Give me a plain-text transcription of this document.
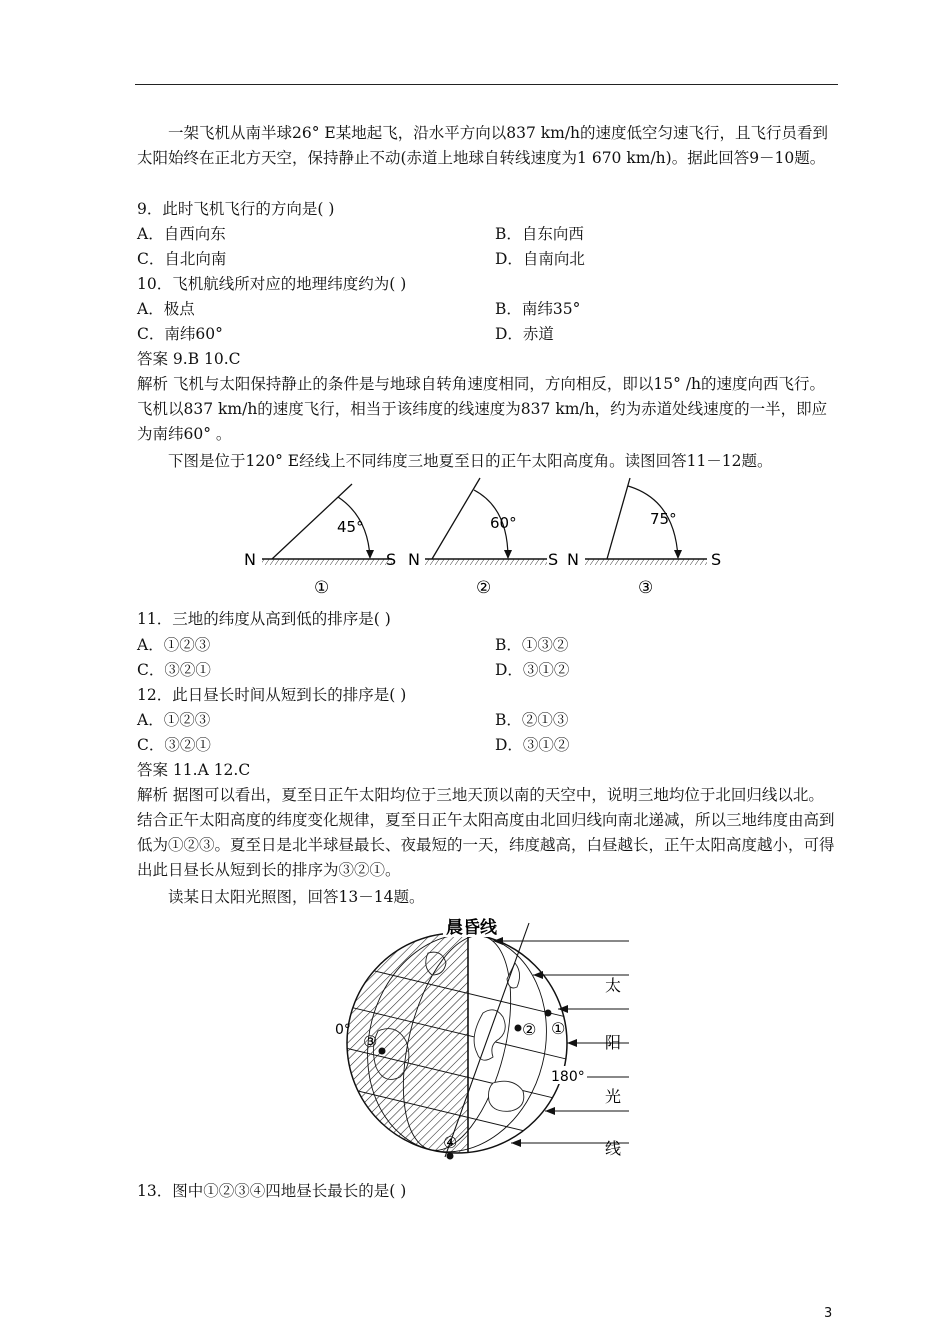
一架飞机从南半球26° E某地起飞，沿水平方向以837 km/h的速度低空匀速飞行，且飞行员看到太阳始终在正北方天空，保持静止不动(赤道上地球自转线速度为1 670 km/h)。据此回答9－10题。
9．此时飞机飞行的方向是( )
A．自西向东	B．自东向西
C．自北向南	D．自南向北
10．飞机航线所对应的地理纬度约为( )
A．极点	B．南纬35°
C．南纬60°	D．赤道
答案 9.B 10.C
解析 飞机与太阳保持静止的条件是与地球自转角速度相同，方向相反，即以15° /h的速度向西飞行。飞机以837 km/h的速度飞行，相当于该纬度的线速度为837 km/h，约为赤道处线速度的一半，即应为南纬60° 。
下图是位于120° E经线上不同纬度三地夏至日的正午太阳高度角。读图回答11－12题。
45°
N	S
①
60°
N	S
②
75°
N	S
③
11．三地的纬度从高到低的排序是( )
A．①②③	B．①③②
C．③②①	D．③①②
12．此日昼长时间从短到长的排序是( )
A．①②③	B．②①③
C．③②①	D．③①②
答案 11.A 12.C
解析 据图可以看出，夏至日正午太阳均位于三地天顶以南的天空中，说明三地均位于北回归线以北。结合正午太阳高度的纬度变化规律，夏至日正午太阳高度由北回归线向南北递减，所以三地纬度由高到低为①②③。夏至日是北半球昼最长、夜最短的一天，纬度越高，白昼越长，正午太阳高度越小，可得出此日昼长从短到长的排序为③②①。
读某日太阳光照图，回答13－14题。
晨昏线
太
阳
光
线
0°
180°
①
②
③
④
13．图中①②③④四地昼长最长的是( )
3
